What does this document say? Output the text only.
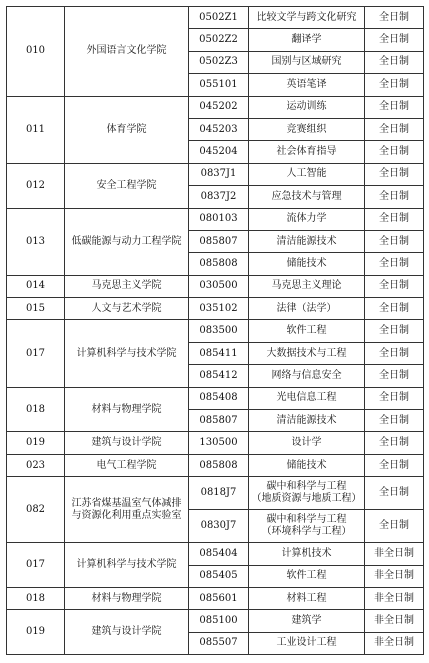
010	外国语言文化学院	0502Z1	比较文学与跨文化研究	全日制
		0502Z2	翻译学	全日制
		0502Z3	国别与区域研究	全日制
		055101	英语笔译	全日制
011	体育学院	045202	运动训练	全日制
		045203	竞赛组织	全日制
		045204	社会体育指导	全日制
012	安全工程学院	0837J1	人工智能	全日制
		0837J2	应急技术与管理	全日制
013	低碳能源与动力工程学院	080103	流体力学	全日制
		085807	清洁能源技术	全日制
		085808	储能技术	全日制
014	马克思主义学院	030500	马克思主义理论	全日制
015	人文与艺术学院	035102	法律（法学）	全日制
017	计算机科学与技术学院	083500	软件工程	全日制
		085411	大数据技术与工程	全日制
		085412	网络与信息安全	全日制
018	材料与物理学院	085408	光电信息工程	全日制
		085807	清洁能源技术	全日制
019	建筑与设计学院	130500	设计学	全日制
023	电气工程学院	085808	储能技术	全日制
082	江苏省煤基温室气体减排与资源化利用重点实验室	0818J7	碳中和科学与工程
（地质资源与地质工程）	全日制
		0830J7	碳中和科学与工程
（环境科学与工程）	全日制
017	计算机科学与技术学院	085404	计算机技术	非全日制
		085405	软件工程	非全日制
018	材料与物理学院	085601	材料工程	非全日制
019	建筑与设计学院	085100	建筑学	非全日制
		085507	工业设计工程	非全日制
